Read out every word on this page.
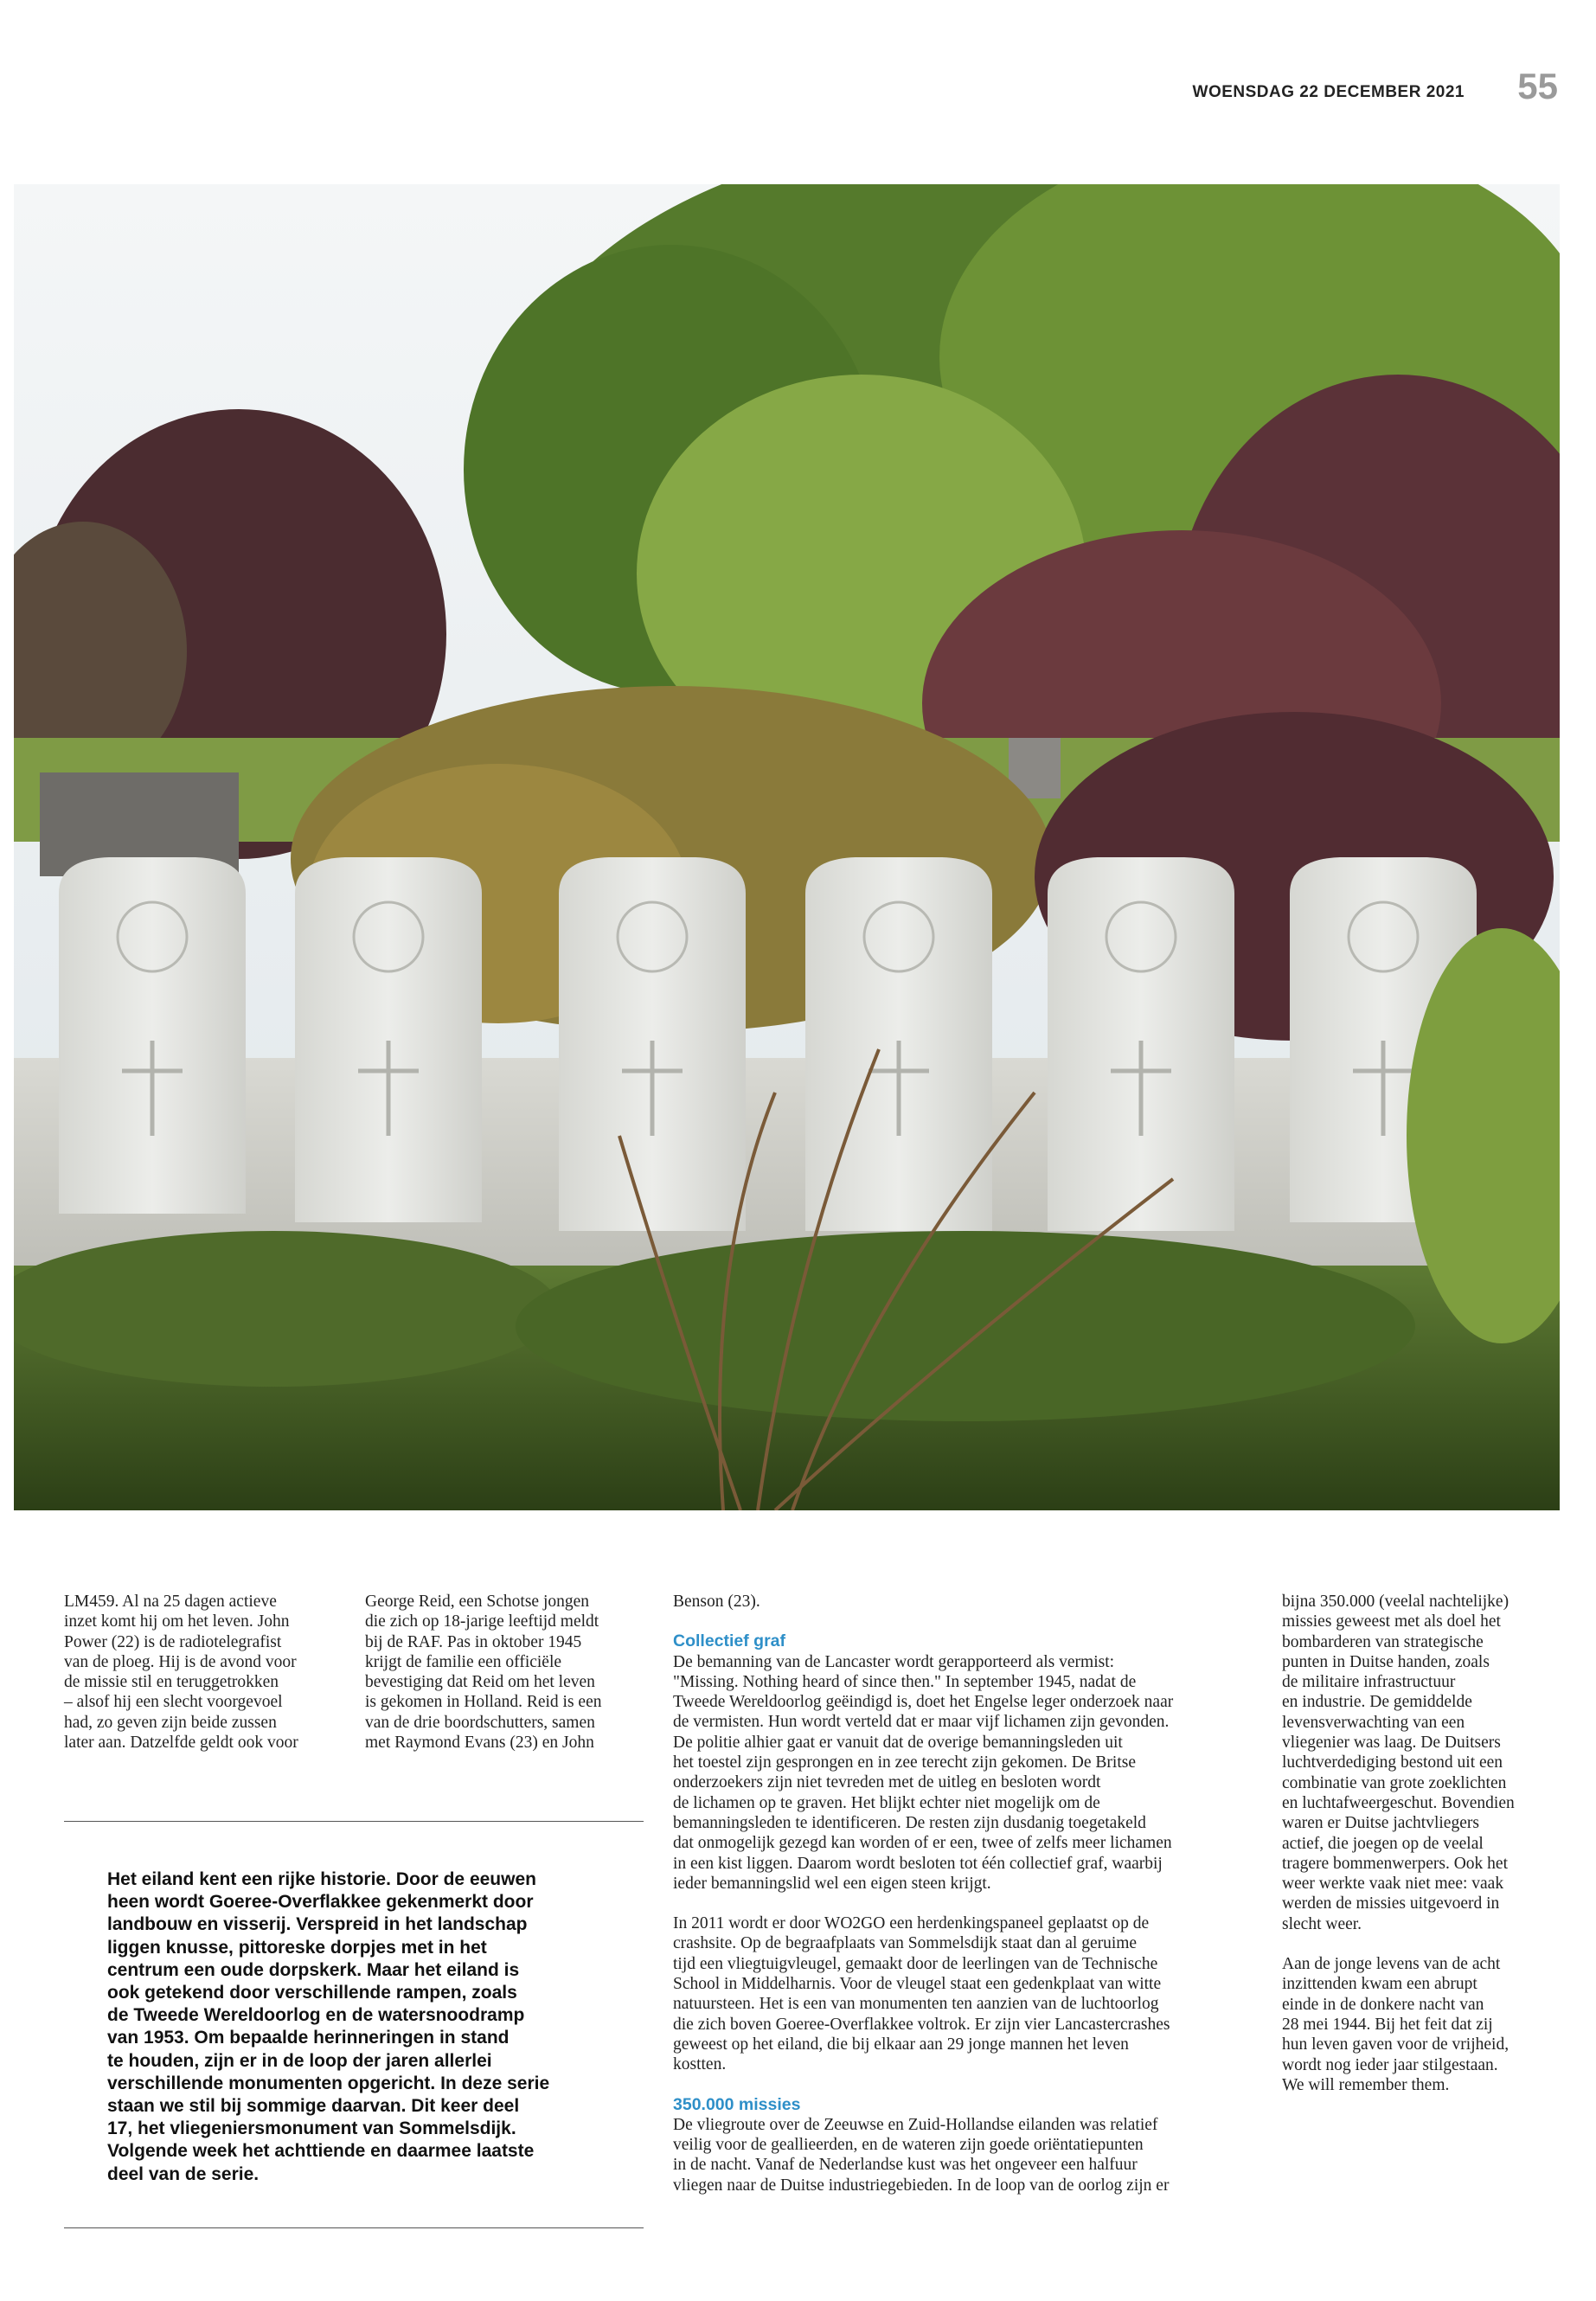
WOENSDAG 22 DECEMBER 2021 55

LM459. Al na 25 dagen actieve
inzet komt hij om het leven. John
Power (22) is de radiotelegrafist
van de ploeg. Hij is de avond voor
de missie stil en teruggetrokken
– alsof hij een slecht voorgevoel
had, zo geven zijn beide zussen
later aan. Datzelfde geldt ook voor

George Reid, een Schotse jongen
die zich op 18-jarige leeftijd meldt
bij de RAF. Pas in oktober 1945
krijgt de familie een officiële
bevestiging dat Reid om het leven
is gekomen in Holland. Reid is een
van de drie boordschutters, samen
met Raymond Evans (23) en John

Benson (23).

Collectief graf

De bemanning van de Lancaster wordt gerapporteerd als vermist:
"Missing. Nothing heard of since then." In september 1945, nadat de
Tweede Wereldoorlog geëindigd is, doet het Engelse leger onderzoek naar
de vermisten. Hun wordt verteld dat er maar vijf lichamen zijn gevonden.
De politie alhier gaat er vanuit dat de overige bemanningsleden uit
het toestel zijn gesprongen en in zee terecht zijn gekomen. De Britse
onderzoekers zijn niet tevreden met de uitleg en besloten wordt
de lichamen op te graven. Het blijkt echter niet mogelijk om de
bemanningsleden te identificeren. De resten zijn dusdanig toegetakeld
dat onmogelijk gezegd kan worden of er een, twee of zelfs meer lichamen
in een kist liggen. Daarom wordt besloten tot één collectief graf, waarbij
ieder bemanningslid wel een eigen steen krijgt.

In 2011 wordt er door WO2GO een herdenkingspaneel geplaatst op de
crashsite. Op de begraafplaats van Sommelsdijk staat dan al geruime
tijd een vliegtuigvleugel, gemaakt door de leerlingen van de Technische
School in Middelharnis. Voor de vleugel staat een gedenkplaat van witte
natuursteen. Het is een van monumenten ten aanzien van de luchtoorlog
die zich boven Goeree-Overflakkee voltrok. Er zijn vier Lancastercrashes
geweest op het eiland, die bij elkaar aan 29 jonge mannen het leven
kostten.

350.000 missies

De vliegroute over de Zeeuwse en Zuid-Hollandse eilanden was relatief
veilig voor de geallieerden, en de wateren zijn goede oriëntatiepunten
in de nacht. Vanaf de Nederlandse kust was het ongeveer een halfuur
vliegen naar de Duitse industriegebieden. In de loop van de oorlog zijn er

bijna 350.000 (veelal nachtelijke)
missies geweest met als doel het
bombarderen van strategische
punten in Duitse handen, zoals
de militaire infrastructuur
en industrie. De gemiddelde
levensverwachting van een
vliegenier was laag. De Duitsers
luchtverdediging bestond uit een
combinatie van grote zoeklichten
en luchtafweergeschut. Bovendien
waren er Duitse jachtvliegers
actief, die joegen op de veelal
tragere bommenwerpers. Ook het
weer werkte vaak niet mee: vaak
werden de missies uitgevoerd in
slecht weer.

Aan de jonge levens van de acht
inzittenden kwam een abrupt
einde in de donkere nacht van
28 mei 1944. Bij het feit dat zij
hun leven gaven voor de vrijheid,
wordt nog ieder jaar stilgestaan.
We will remember them.

Het eiland kent een rijke historie. Door de eeuwen
heen wordt Goeree-Overflakkee gekenmerkt door
landbouw en visserij. Verspreid in het landschap
liggen knusse, pittoreske dorpjes met in het
centrum een oude dorpskerk. Maar het eiland is
ook getekend door verschillende rampen, zoals
de Tweede Wereldoorlog en de watersnoodramp
van 1953. Om bepaalde herinneringen in stand
te houden, zijn er in de loop der jaren allerlei
verschillende monumenten opgericht. In deze serie
staan we stil bij sommige daarvan. Dit keer deel
17, het vliegeniersmonument van Sommelsdijk.
Volgende week het achttiende en daarmee laatste
deel van de serie.
